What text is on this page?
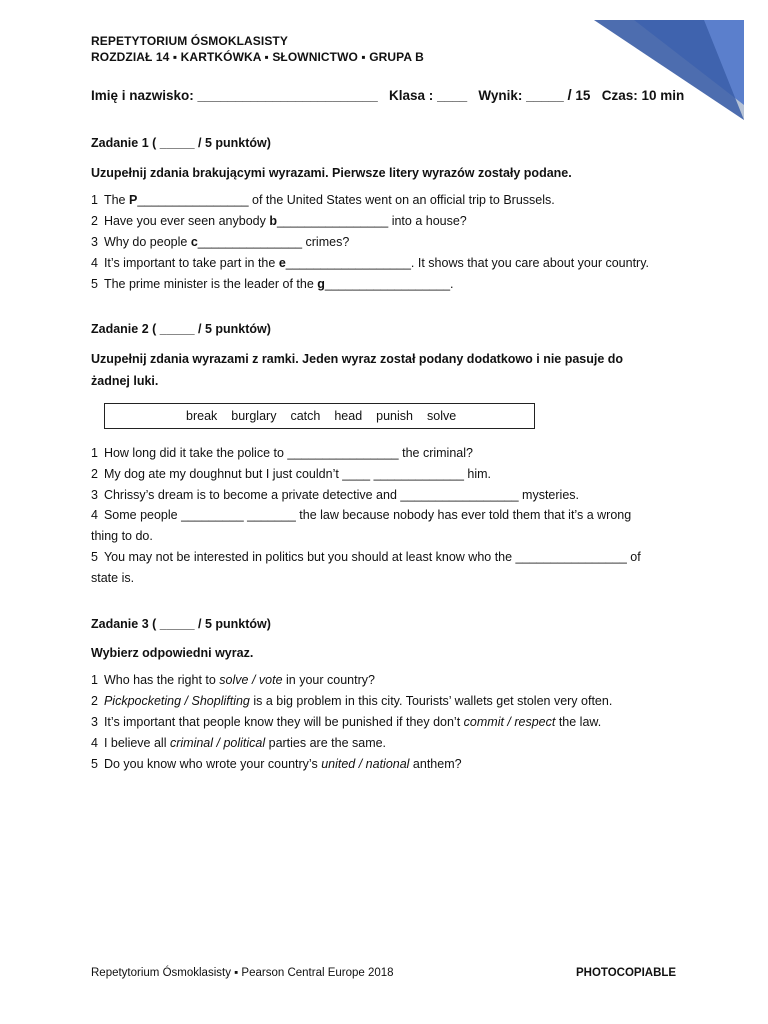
REPETYTORIUM ÓSMOKLASISTY
ROZDZIAŁ 14 ▪ KARTKÓWKA ▪ SŁOWNICTWO ▪ GRUPA B
Imię i nazwisko: ________________________ Klasa : ____ Wynik: _____ / 15 Czas: 10 min
Zadanie 1 ( _____ / 5 punktów)
Uzupełnij zdania brakującymi wyrazami. Pierwsze litery wyrazów zostały podane.
1 The P________________ of the United States went on an official trip to Brussels.
2 Have you ever seen anybody b________________ into a house?
3 Why do people c_______________ crimes?
4 It’s important to take part in the e__________________. It shows that you care about your country.
5 The prime minister is the leader of the g__________________.
Zadanie 2 ( _____ / 5 punktów)
Uzupełnij zdania wyrazami z ramki. Jeden wyraz został podany dodatkowo i nie pasuje do żadnej luki.
break burglary catch head punish solve
1 How long did it take the police to ________________ the criminal?
2 My dog ate my doughnut but I just couldn’t ____ _____________ him.
3 Chrissy’s dream is to become a private detective and _________________ mysteries.
4 Some people _________ _______ the law because nobody has ever told them that it’s a wrong thing to do.
5 You may not be interested in politics but you should at least know who the ________________ of state is.
Zadanie 3 ( _____ / 5 punktów)
Wybierz odpowiedni wyraz.
1 Who has the right to solve / vote in your country?
2 Pickpocketing / Shoplifting is a big problem in this city. Tourists’ wallets get stolen very often.
3 It’s important that people know they will be punished if they don’t commit / respect the law.
4 I believe all criminal / political parties are the same.
5 Do you know who wrote your country’s united / national anthem?
Repetytorium Ósmoklasisty ▪ Pearson Central Europe 2018	PHOTOCOPIABLE
